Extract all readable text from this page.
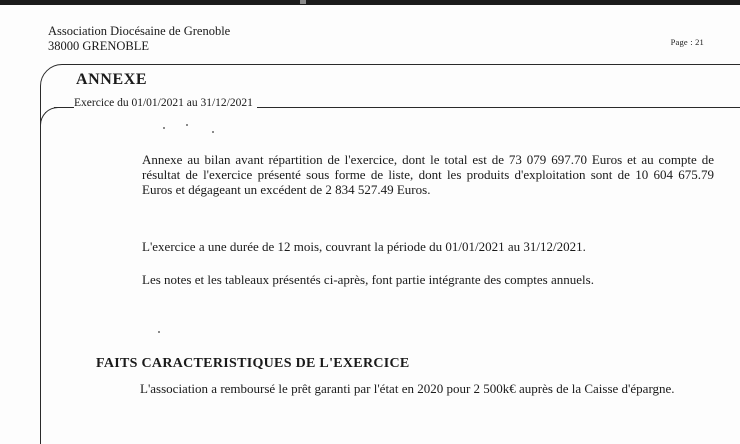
Association Diocésaine de Grenoble
38000 GRENOBLE	Page : 21
ANNEXE
Exercice du 01/01/2021 au 31/12/2021

Annexe au bilan avant répartition de l'exercice, dont le total est de 73 079 697.70 Euros et au compte de résultat de l'exercice présenté sous forme de liste, dont les produits d'exploitation sont de 10 604 675.79 Euros et dégageant un excédent de 2 834 527.49 Euros.

L'exercice a une durée de 12 mois, couvrant la période du 01/01/2021 au 31/12/2021.

Les notes et les tableaux présentés ci-après, font partie intégrante des comptes annuels.

FAITS CARACTERISTIQUES DE L'EXERCICE

L'association a remboursé le prêt garanti par l'état en 2020 pour 2 500k€ auprès de la Caisse d'épargne.
